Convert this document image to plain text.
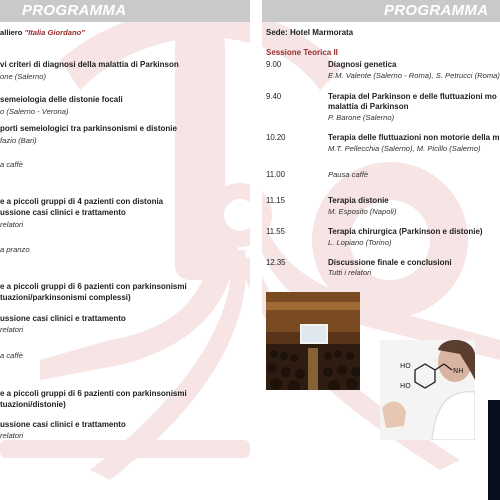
PROGRAMMA	PROGRAMMA
alliero "Italia Giordano"
vi criteri di diagnosi della malattia di Parkinson
one (Salerno)
semeiologia delle distonie focali
o (Salerno - Verona)
porti semeiologici tra parkinsonismi e distonie
fazio (Bari)
a caffè
e a piccoli gruppi di 4 pazienti con distonia
ussione casi clinici e trattamento
relatori
a pranzo
e a piccoli gruppi di 6 pazienti con parkinsonismi
tuazioni/parkinsonismi complessi)
ussione casi clinici e trattamento
relatori
a caffè
e a piccoli gruppi di 6 pazienti con parkinsonismi
tuazioni/distonie)
ussione casi clinici e trattamento
relatori
Sede: Hotel Marmorata
Sessione Teorica II
9.00	Diagnosi genetica
E.M. Valente (Salerno - Roma), S. Petrucci (Roma)
9.40	Terapia del Parkinson e delle fluttuazioni mo
malattia di Parkinson
P. Barone (Salerno)
10.20	Terapia delle fluttuazioni non motorie della m
M.T. Pellecchia (Salerno), M. Picillo (Salerno)
11.00	Pausa caffè
11.15	Terapia distonie
M. Esposito (Napoli)
11.55	Terapia chirurgica (Parkinson e distonie)
L. Lopiano (Torino)
12.35	Discussione finale e conclusioni
Tutti i relatori
HO
HO
NH
